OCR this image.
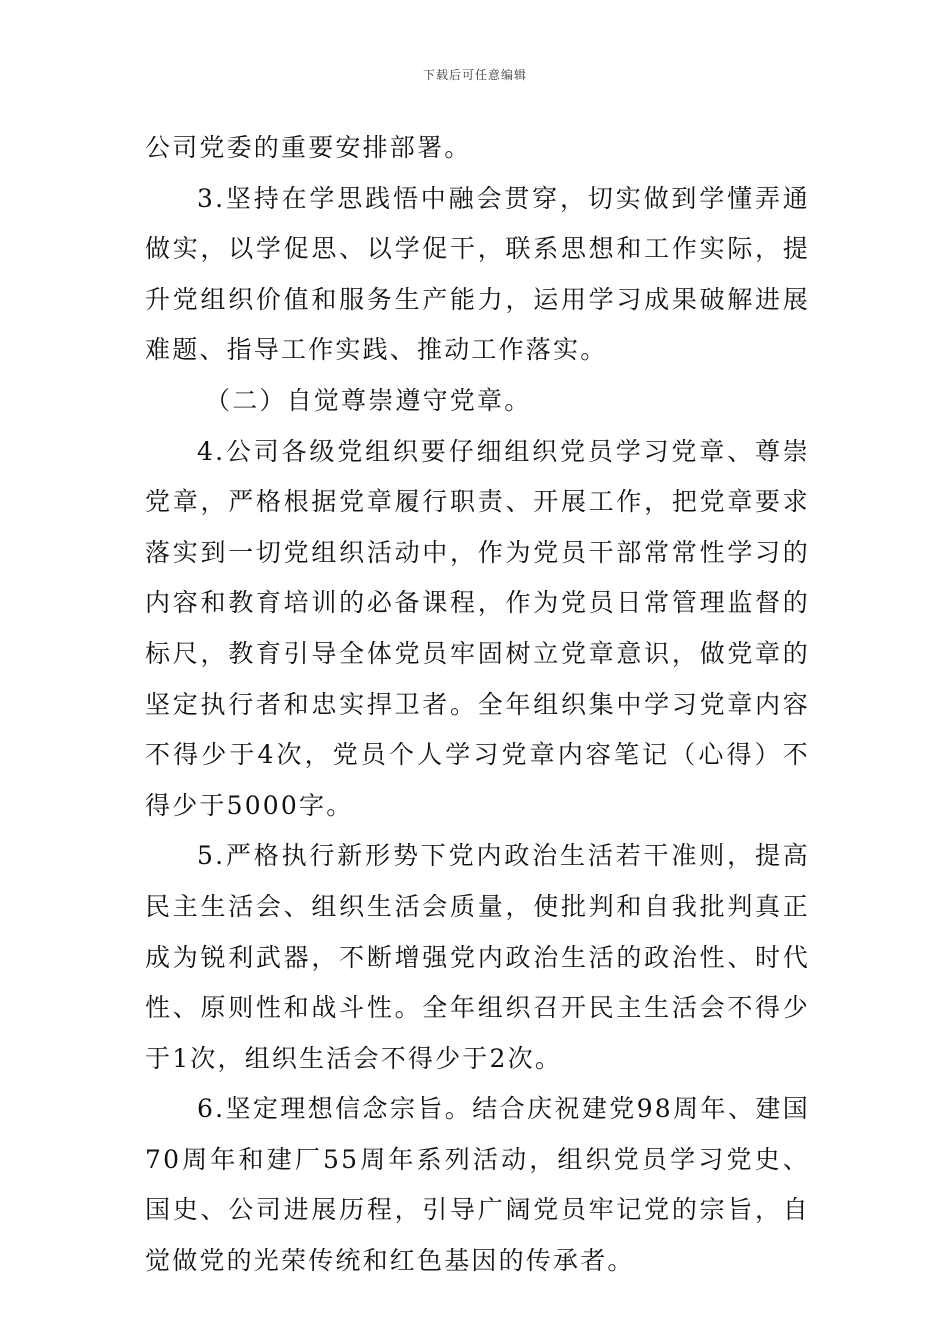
下载后可任意编辑

公司党委的重要安排部署。

3.坚持在学思践悟中融会贯穿，切实做到学懂弄通做实，以学促思、以学促干，联系思想和工作实际，提升党组织价值和服务生产能力，运用学习成果破解进展难题、指导工作实践、推动工作落实。

（二）自觉尊崇遵守党章。

4.公司各级党组织要仔细组织党员学习党章、尊崇党章，严格根据党章履行职责、开展工作，把党章要求落实到一切党组织活动中，作为党员干部常常性学习的内容和教育培训的必备课程，作为党员日常管理监督的标尺，教育引导全体党员牢固树立党章意识，做党章的坚定执行者和忠实捍卫者。全年组织集中学习党章内容不得少于4次，党员个人学习党章内容笔记（心得）不得少于5000字。

5.严格执行新形势下党内政治生活若干准则，提高民主生活会、组织生活会质量，使批判和自我批判真正成为锐利武器，不断增强党内政治生活的政治性、时代性、原则性和战斗性。全年组织召开民主生活会不得少于1次，组织生活会不得少于2次。

6.坚定理想信念宗旨。结合庆祝建党98周年、建国70周年和建厂55周年系列活动，组织党员学习党史、国史、公司进展历程，引导广阔党员牢记党的宗旨，自觉做党的光荣传统和红色基因的传承者。
